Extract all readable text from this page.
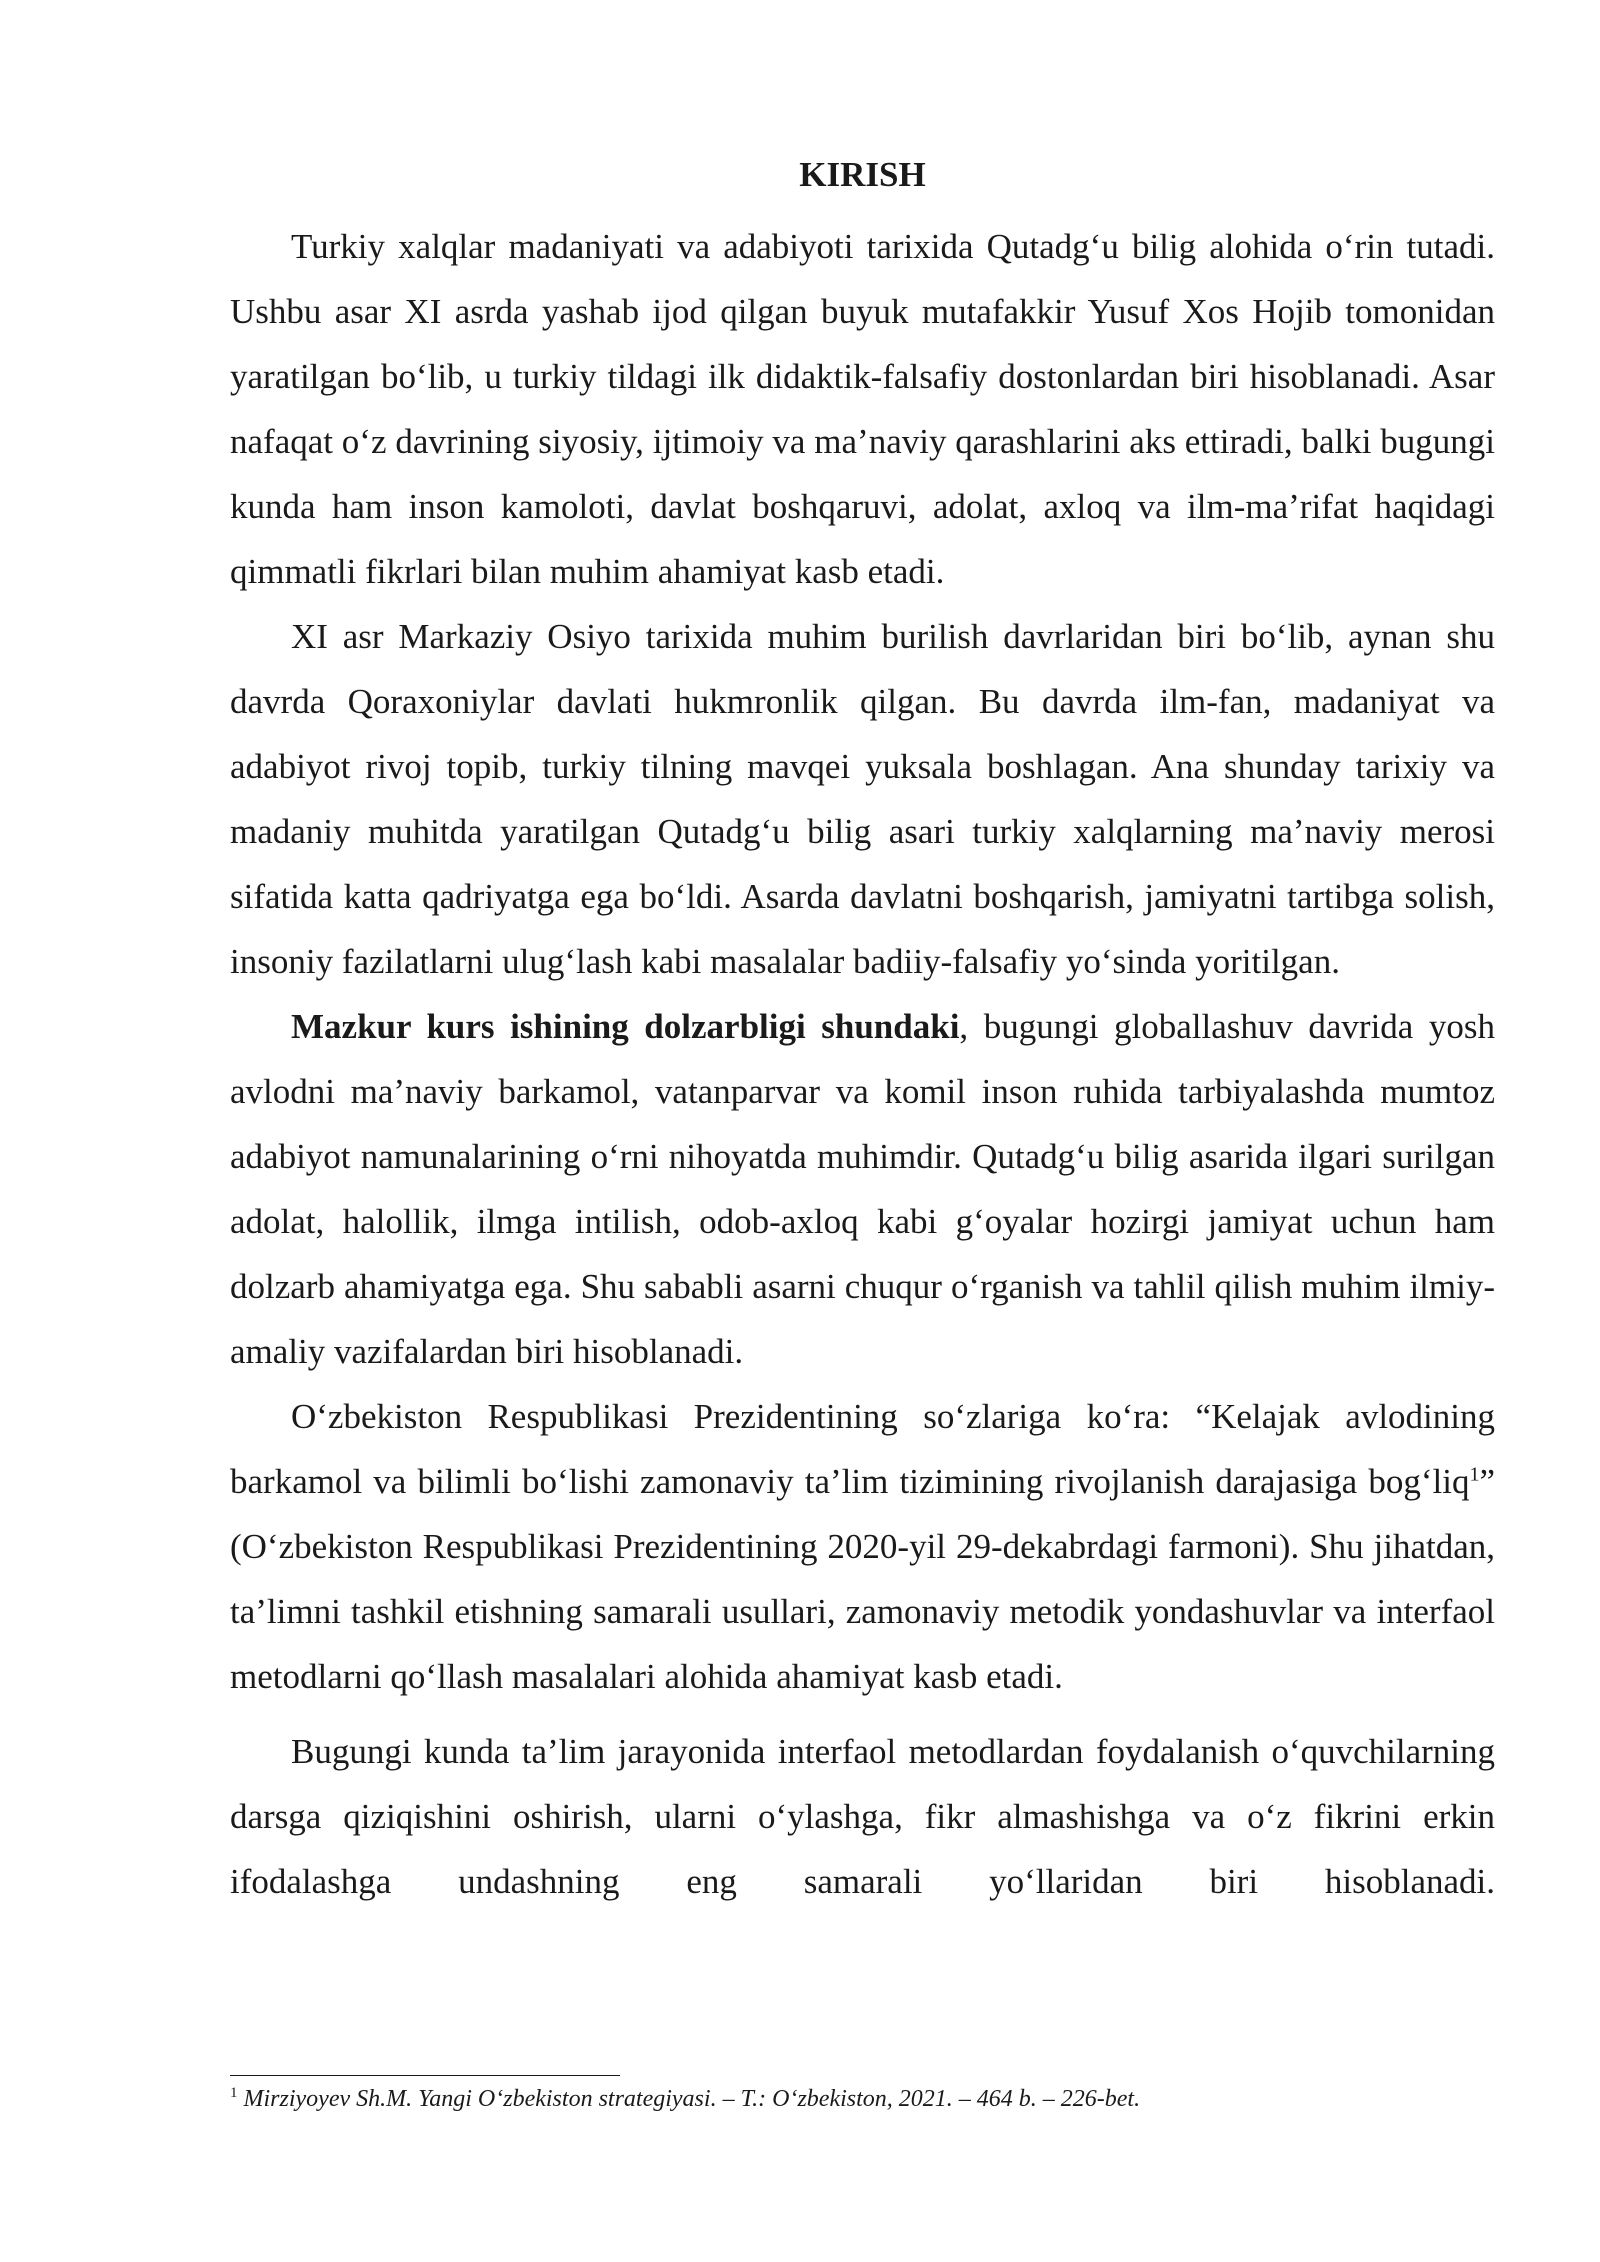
KIRISH

Turkiy xalqlar madaniyati va adabiyoti tarixida Qutadg‘u bilig alohida o‘rin tutadi. Ushbu asar XI asrda yashab ijod qilgan buyuk mutafakkir Yusuf Xos Hojib tomonidan yaratilgan bo‘lib, u turkiy tildagi ilk didaktik-falsafiy dostonlardan biri hisoblanadi. Asar nafaqat o‘z davrining siyosiy, ijtimoiy va ma’naviy qarashlarini aks ettiradi, balki bugungi kunda ham inson kamoloti, davlat boshqaruvi, adolat, axloq va ilm-ma’rifat haqidagi qimmatli fikrlari bilan muhim ahamiyat kasb etadi.

XI asr Markaziy Osiyo tarixida muhim burilish davrlaridan biri bo‘lib, aynan shu davrda Qoraxoniylar davlati hukmronlik qilgan. Bu davrda ilm-fan, madaniyat va adabiyot rivoj topib, turkiy tilning mavqei yuksala boshlagan. Ana shunday tarixiy va madaniy muhitda yaratilgan Qutadg‘u bilig asari turkiy xalqlarning ma’naviy merosi sifatida katta qadriyatga ega bo‘ldi. Asarda davlatni boshqarish, jamiyatni tartibga solish, insoniy fazilatlarni ulug‘lash kabi masalalar badiiy-falsafiy yo‘sinda yoritilgan.

Mazkur kurs ishining dolzarbligi shundaki, bugungi globallashuv davrida yosh avlodni ma’naviy barkamol, vatanparvar va komil inson ruhida tarbiyalashda mumtoz adabiyot namunalarining o‘rni nihoyatda muhimdir. Qutadg‘u bilig asarida ilgari surilgan adolat, halollik, ilmga intilish, odob-axloq kabi g‘oyalar hozirgi jamiyat uchun ham dolzarb ahamiyatga ega. Shu sababli asarni chuqur o‘rganish va tahlil qilish muhim ilmiy-amaliy vazifalardan biri hisoblanadi.

O‘zbekiston Respublikasi Prezidentining so‘zlariga ko‘ra: “Kelajak avlodining barkamol va bilimli bo‘lishi zamonaviy ta’lim tizimining rivojlanish darajasiga bog‘liq$^1$” (O‘zbekiston Respublikasi Prezidentining 2020-yil 29-dekabrdagi farmoni). Shu jihatdan, ta’limni tashkil etishning samarali usullari, zamonaviy metodik yondashuvlar va interfaol metodlarni qo‘llash masalalari alohida ahamiyat kasb etadi.

Bugungi kunda ta’lim jarayonida interfaol metodlardan foydalanish o‘quvchilarning darsga qiziqishini oshirish, ularni o‘ylashga, fikr almashishga va o‘z fikrini erkin ifodalashga undashning eng samarali yo‘llaridan biri hisoblanadi.

$^1$ Mirziyoyev Sh.M. Yangi O‘zbekiston strategiyasi. – T.: O‘zbekiston, 2021. – 464 b. – 226-bet.
